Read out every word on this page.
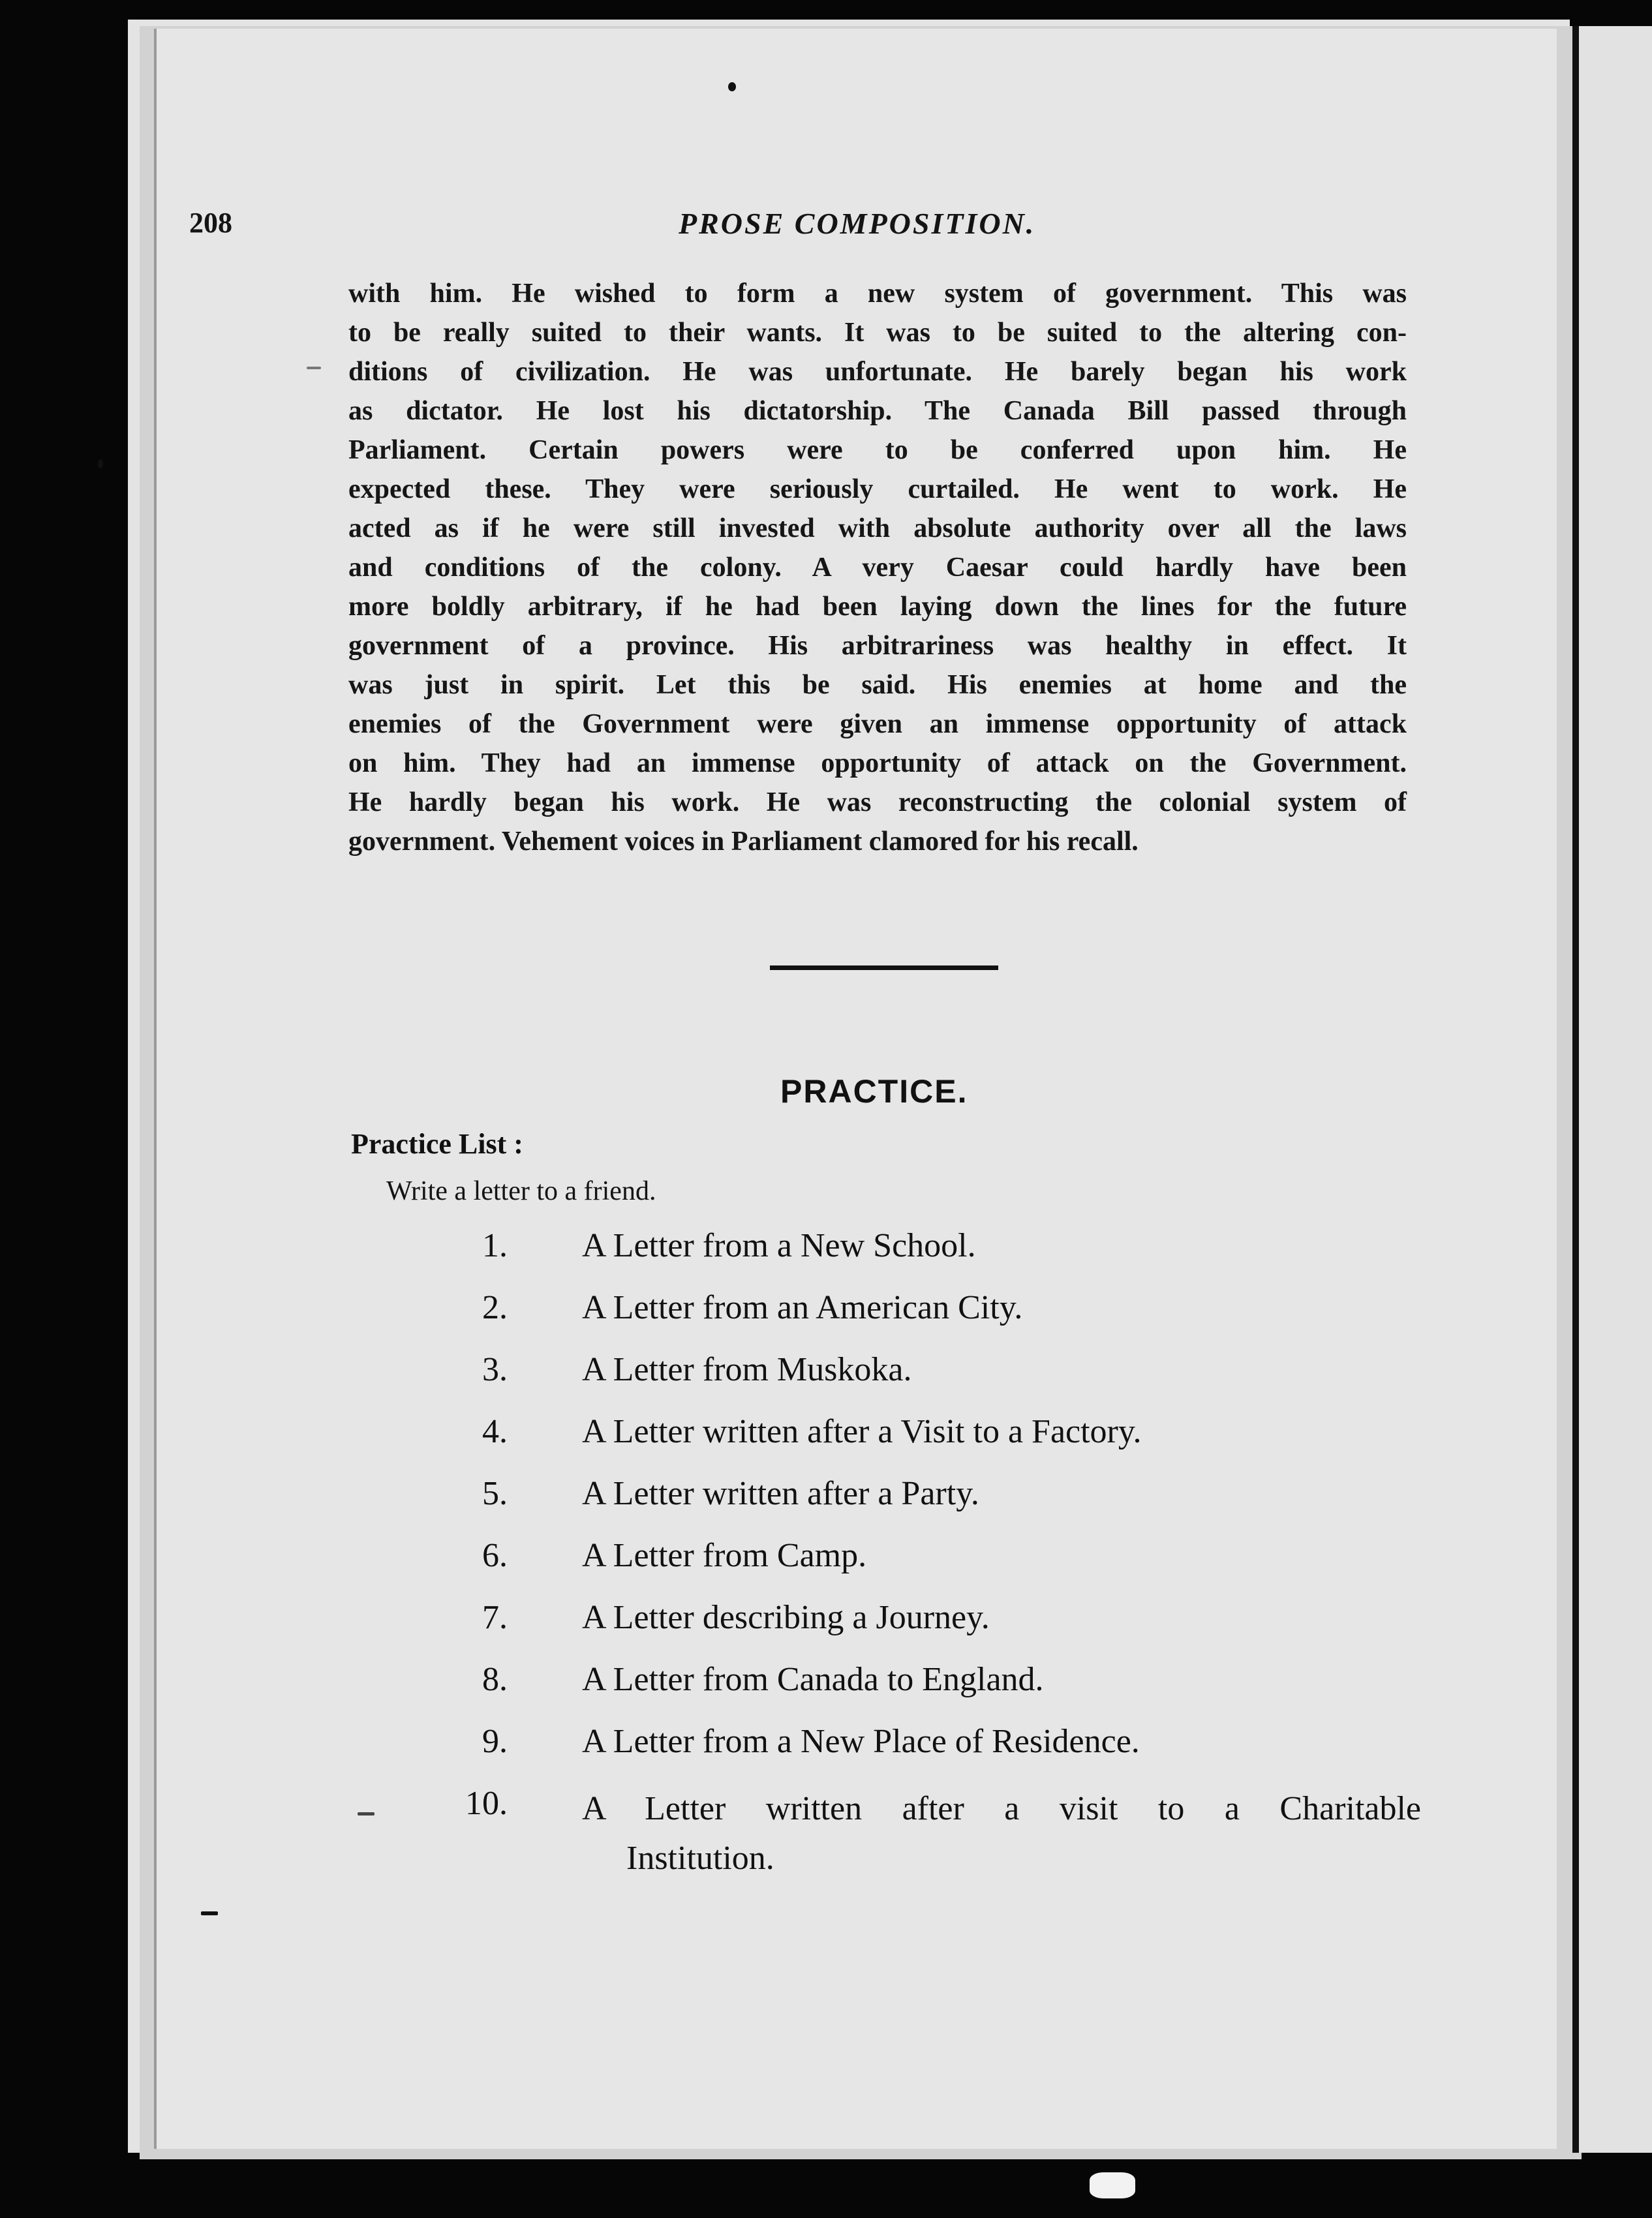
208	PROSE COMPOSITION.
with him. He wished to form a new system of government. This was
to be really suited to their wants. It was to be suited to the altering con-
ditions of civilization. He was unfortunate. He barely began his work
as dictator. He lost his dictatorship. The Canada Bill passed through
Parliament. Certain powers were to be conferred upon him. He
expected these. They were seriously curtailed. He went to work. He
acted as if he were still invested with absolute authority over all the laws
and conditions of the colony. A very Caesar could hardly have been
more boldly arbitrary, if he had been laying down the lines for the future
government of a province. His arbitrariness was healthy in effect. It
was just in spirit. Let this be said. His enemies at home and the
enemies of the Government were given an immense opportunity of attack
on him. They had an immense opportunity of attack on the Government.
He hardly began his work. He was reconstructing the colonial system of
government. Vehement voices in Parliament clamored for his recall.
PRACTICE.
Practice List :
Write a letter to a friend.
1. A Letter from a New School.
2. A Letter from an American City.
3. A Letter from Muskoka.
4. A Letter written after a Visit to a Factory.
5. A Letter written after a Party.
6. A Letter from Camp.
7. A Letter describing a Journey.
8. A Letter from Canada to England.
9. A Letter from a New Place of Residence.
10. A Letter written after a visit to a Charitable
Institution.
